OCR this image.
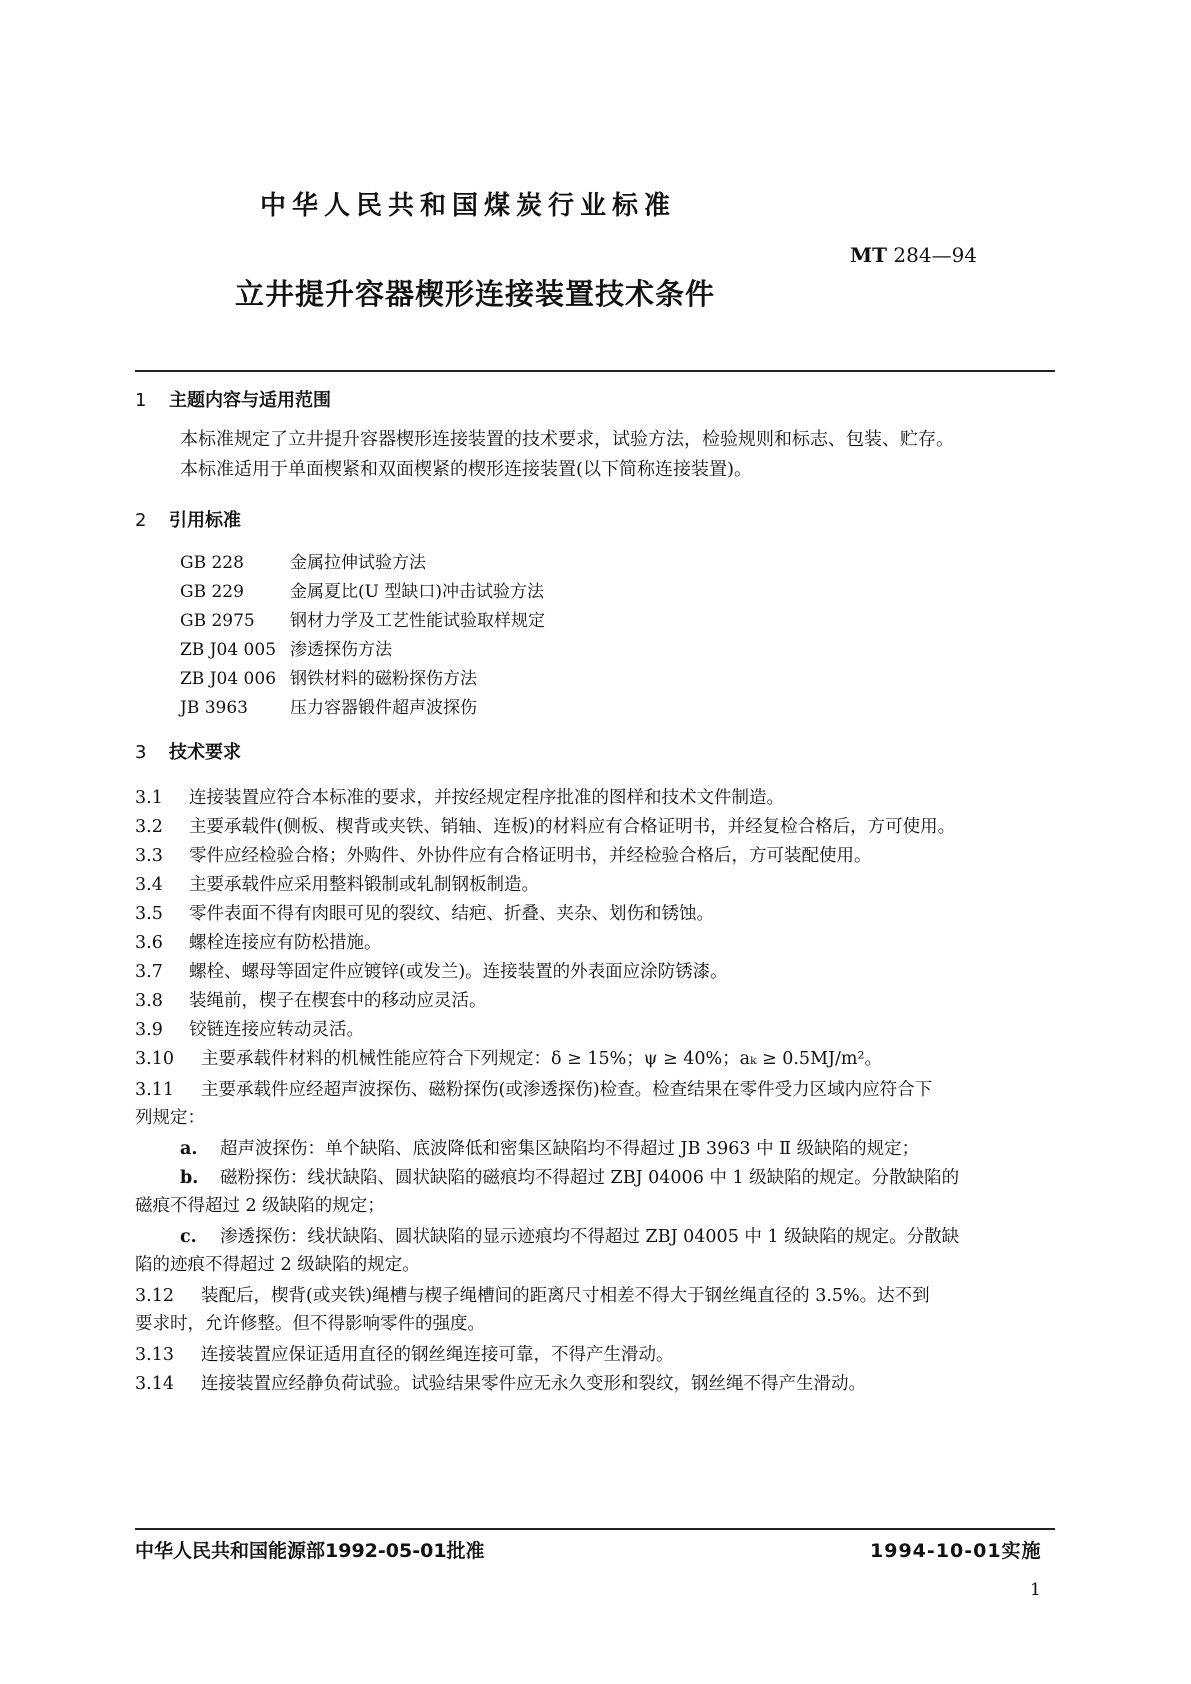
中华人民共和国煤炭行业标准
MT 284—94
立井提升容器楔形连接装置技术条件
1 主题内容与适用范围
本标准规定了立井提升容器楔形连接装置的技术要求，试验方法，检验规则和标志、包装、贮存。
本标准适用于单面楔紧和双面楔紧的楔形连接装置(以下简称连接装置)。
2 引用标准
GB 228	金属拉伸试验方法
GB 229	金属夏比(U 型缺口)冲击试验方法
GB 2975 钢材力学及工艺性能试验取样规定
ZB J04 005 渗透探伤方法
ZB J04 006 钢铁材料的磁粉探伤方法
JB 3963 压力容器锻件超声波探伤
3 技术要求
3.1 连接装置应符合本标准的要求，并按经规定程序批准的图样和技术文件制造。
3.2 主要承载件(侧板、楔背或夹铁、销轴、连板)的材料应有合格证明书，并经复检合格后，方可使用。
3.3 零件应经检验合格；外购件、外协件应有合格证明书，并经检验合格后，方可装配使用。
3.4 主要承载件应采用整料锻制或轧制钢板制造。
3.5 零件表面不得有肉眼可见的裂纹、结疤、折叠、夹杂、划伤和锈蚀。
3.6 螺栓连接应有防松措施。
3.7 螺栓、螺母等固定件应镀锌(或发兰)。连接装置的外表面应涂防锈漆。
3.8 装绳前，楔子在楔套中的移动应灵活。
3.9 铰链连接应转动灵活。
3.10 主要承载件材料的机械性能应符合下列规定：δ ≥ 15%；ψ ≥ 40%；aₖ ≥ 0.5MJ/m²。
3.11 主要承载件应经超声波探伤、磁粉探伤(或渗透探伤)检查。检查结果在零件受力区域内应符合下
列规定：
a. 超声波探伤：单个缺陷、底波降低和密集区缺陷均不得超过 JB 3963 中 Ⅱ 级缺陷的规定；
b. 磁粉探伤：线状缺陷、圆状缺陷的磁痕均不得超过 ZBJ 04006 中 1 级缺陷的规定。分散缺陷的
磁痕不得超过 2 级缺陷的规定；
c. 渗透探伤：线状缺陷、圆状缺陷的显示迹痕均不得超过 ZBJ 04005 中 1 级缺陷的规定。分散缺
陷的迹痕不得超过 2 级缺陷的规定。
3.12 装配后，楔背(或夹铁)绳槽与楔子绳槽间的距离尺寸相差不得大于钢丝绳直径的 3.5%。达不到
要求时，允许修整。但不得影响零件的强度。
3.13 连接装置应保证适用直径的钢丝绳连接可靠，不得产生滑动。
3.14 连接装置应经静负荷试验。试验结果零件应无永久变形和裂纹，钢丝绳不得产生滑动。
中华人民共和国能源部1992-05-01批准	1994-10-01实施
1
